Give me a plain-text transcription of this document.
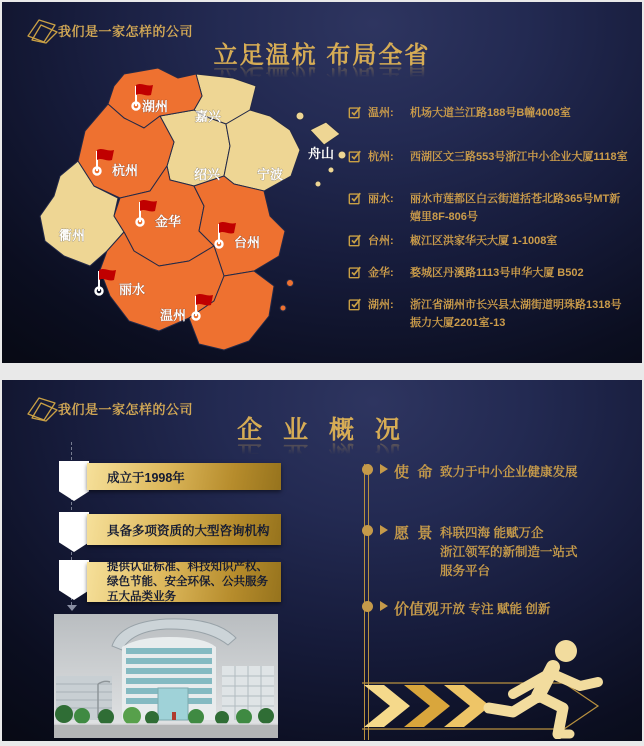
我们是一家怎样的公司
立足温杭 布局全省
湖州
嘉兴
杭州	绍兴	宁波
舟山
衢州
金华
台州
丽水
温州
温州:	机场大道兰江路188号B幢4008室
杭州:	西湖区文三路553号浙江中小企业大厦1118室
丽水:	丽水市莲都区白云街道括苍北路365号MT新嬉里8F-806号
台州:	椒江区洪家华天大厦 1-1008室
金华:	婺城区丹溪路1113号申华大厦 B502
湖州:	浙江省湖州市长兴县太湖街道明珠路1318号振力大厦2201室-13
我们是一家怎样的公司
企 业 概 况
成立于1998年
具备多项资质的大型咨询机构
提供认证标准、科技知识产权、绿色节能、安全环保、公共服务五大品类业务
使  命 致力于中小企业健康发展
愿  景 科联四海 能赋万企
浙江领军的新制造一站式
服务平台
价值观 开放 专注 赋能 创新
